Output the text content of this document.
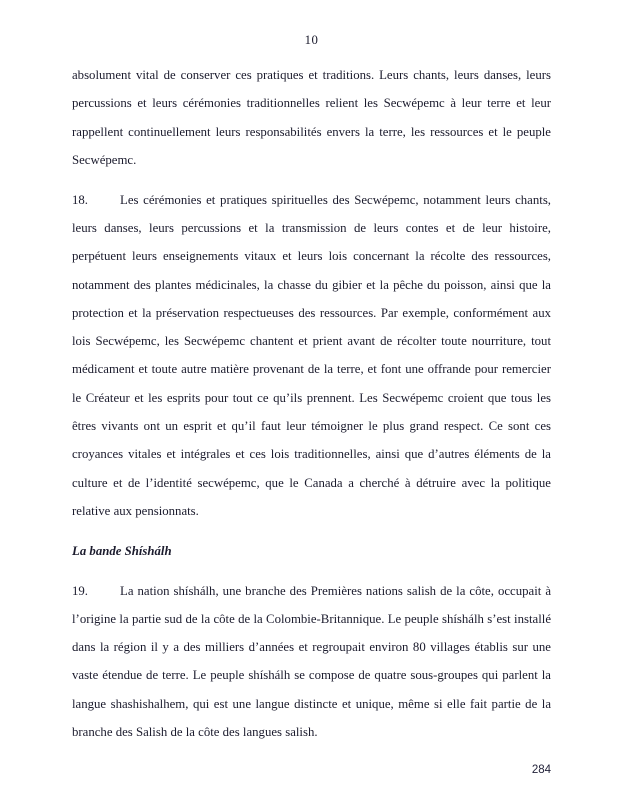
10

absolument vital de conserver ces pratiques et traditions. Leurs chants, leurs danses, leurs percussions et leurs cérémonies traditionnelles relient les Secwépemc à leur terre et leur rappellent continuellement leurs responsabilités envers la terre, les ressources et le peuple Secwépemc.

18.	Les cérémonies et pratiques spirituelles des Secwépemc, notamment leurs chants, leurs danses, leurs percussions et la transmission de leurs contes et de leur histoire, perpétuent leurs enseignements vitaux et leurs lois concernant la récolte des ressources, notamment des plantes médicinales, la chasse du gibier et la pêche du poisson, ainsi que la protection et la préservation respectueuses des ressources. Par exemple, conformément aux lois Secwépemc, les Secwépemc chantent et prient avant de récolter toute nourriture, tout médicament et toute autre matière provenant de la terre, et font une offrande pour remercier le Créateur et les esprits pour tout ce qu’ils prennent. Les Secwépemc croient que tous les êtres vivants ont un esprit et qu’il faut leur témoigner le plus grand respect. Ce sont ces croyances vitales et intégrales et ces lois traditionnelles, ainsi que d’autres éléments de la culture et de l’identité secwépemc, que le Canada a cherché à détruire avec la politique relative aux pensionnats.

La bande Shíshálh

19.	La nation shíshálh, une branche des Premières nations salish de la côte, occupait à l’origine la partie sud de la côte de la Colombie-Britannique. Le peuple shíshálh s’est installé dans la région il y a des milliers d’années et regroupait environ 80 villages établis sur une vaste étendue de terre. Le peuple shíshálh se compose de quatre sous-groupes qui parlent la langue shashishalhem, qui est une langue distincte et unique, même si elle fait partie de la branche des Salish de la côte des langues salish.

284
